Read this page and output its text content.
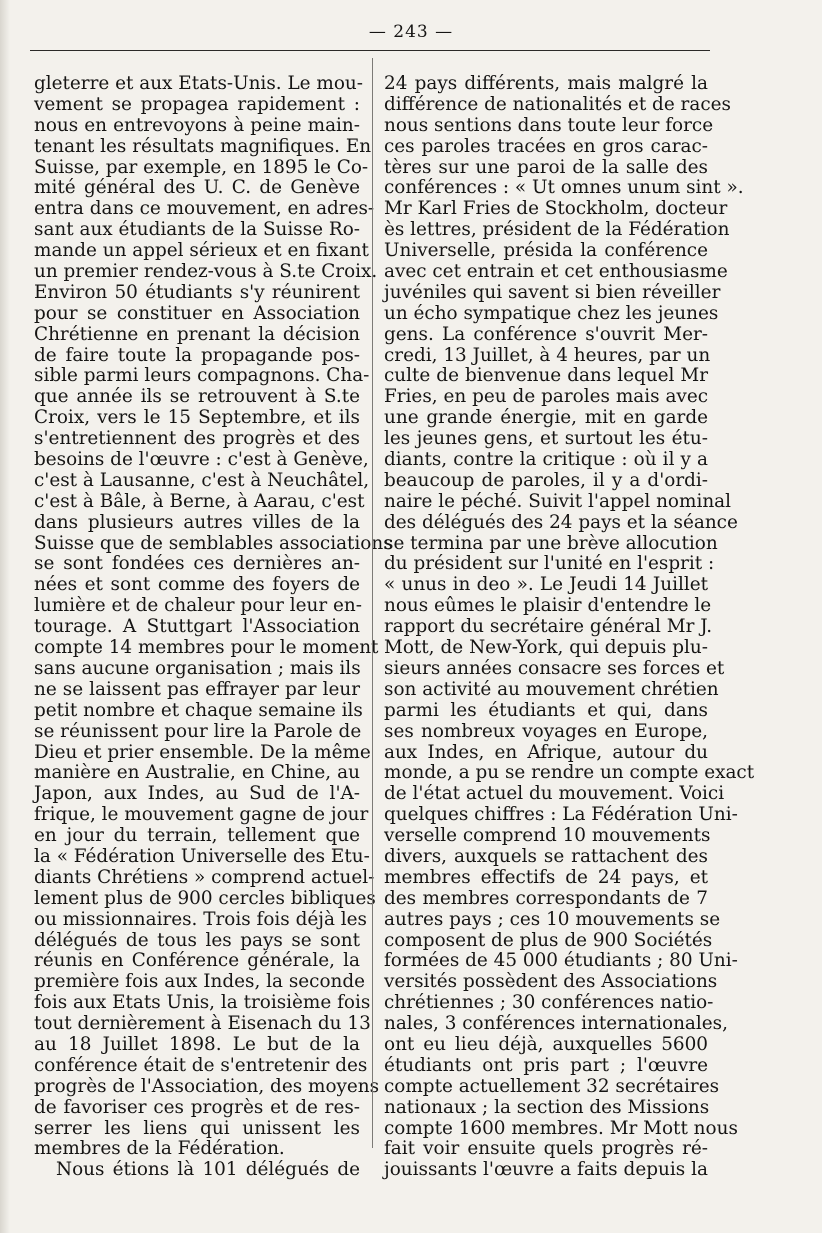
— 243 —
gleterre et aux Etats-Unis. Le mou-
vement se propagea rapidement :
nous en entrevoyons à peine main-
tenant les résultats magnifiques. En
Suisse, par exemple, en 1895 le Co-
mité général des U. C. de Genève
entra dans ce mouvement, en adres-
sant aux étudiants de la Suisse Ro-
mande un appel sérieux et en fixant
un premier rendez-vous à S.te Croix.
Environ 50 étudiants s'y réunirent
pour se constituer en Association
Chrétienne en prenant la décision
de faire toute la propagande pos-
sible parmi leurs compagnons. Cha-
que année ils se retrouvent à S.te
Croix, vers le 15 Septembre, et ils
s'entretiennent des progrès et des
besoins de l'œuvre : c'est à Genève,
c'est à Lausanne, c'est à Neuchâtel,
c'est à Bâle, à Berne, à Aarau, c'est
dans plusieurs autres villes de la
Suisse que de semblables associations
se sont fondées ces dernières an-
nées et sont comme des foyers de
lumière et de chaleur pour leur en-
tourage. A Stuttgart l'Association
compte 14 membres pour le moment
sans aucune organisation ; mais ils
ne se laissent pas effrayer par leur
petit nombre et chaque semaine ils
se réunissent pour lire la Parole de
Dieu et prier ensemble. De la même
manière en Australie, en Chine, au
Japon, aux Indes, au Sud de l'A-
frique, le mouvement gagne de jour
en jour du terrain, tellement que
la « Fédération Universelle des Etu-
diants Chrétiens » comprend actuel-
lement plus de 900 cercles bibliques
ou missionnaires. Trois fois déjà les
délégués de tous les pays se sont
réunis en Conférence générale, la
première fois aux Indes, la seconde
fois aux Etats Unis, la troisième fois
tout dernièrement à Eisenach du 13
au 18 Juillet 1898. Le but de la
conférence était de s'entretenir des
progrès de l'Association, des moyens
de favoriser ces progrès et de res-
serrer les liens qui unissent les
membres de la Fédération.
Nous étions là 101 délégués de
24 pays différents, mais malgré la
différence de nationalités et de races
nous sentions dans toute leur force
ces paroles tracées en gros carac-
tères sur une paroi de la salle des
conférences : « Ut omnes unum sint ».
Mr Karl Fries de Stockholm, docteur
ès lettres, président de la Fédération
Universelle, présida la conférence
avec cet entrain et cet enthousiasme
juvéniles qui savent si bien réveiller
un écho sympatique chez les jeunes
gens. La conférence s'ouvrit Mer-
credi, 13 Juillet, à 4 heures, par un
culte de bienvenue dans lequel Mr
Fries, en peu de paroles mais avec
une grande énergie, mit en garde
les jeunes gens, et surtout les étu-
diants, contre la critique : où il y a
beaucoup de paroles, il y a d'ordi-
naire le péché. Suivit l'appel nominal
des délégués des 24 pays et la séance
se termina par une brève allocution
du président sur l'unité en l'esprit :
« unus in deo ». Le Jeudi 14 Juillet
nous eûmes le plaisir d'entendre le
rapport du secrétaire général Mr J.
Mott, de New-York, qui depuis plu-
sieurs années consacre ses forces et
son activité au mouvement chrétien
parmi les étudiants et qui, dans
ses nombreux voyages en Europe,
aux Indes, en Afrique, autour du
monde, a pu se rendre un compte exact
de l'état actuel du mouvement. Voici
quelques chiffres : La Fédération Uni-
verselle comprend 10 mouvements
divers, auxquels se rattachent des
membres effectifs de 24 pays, et
des membres correspondants de 7
autres pays ; ces 10 mouvements se
composent de plus de 900 Sociétés
formées de 45 000 étudiants ; 80 Uni-
versités possèdent des Associations
chrétiennes ; 30 conférences natio-
nales, 3 conférences internationales,
ont eu lieu déjà, auxquelles 5600
étudiants ont pris part ; l'œuvre
compte actuellement 32 secrétaires
nationaux ; la section des Missions
compte 1600 membres. Mr Mott nous
fait voir ensuite quels progrès ré-
jouissants l'œuvre a faits depuis la
